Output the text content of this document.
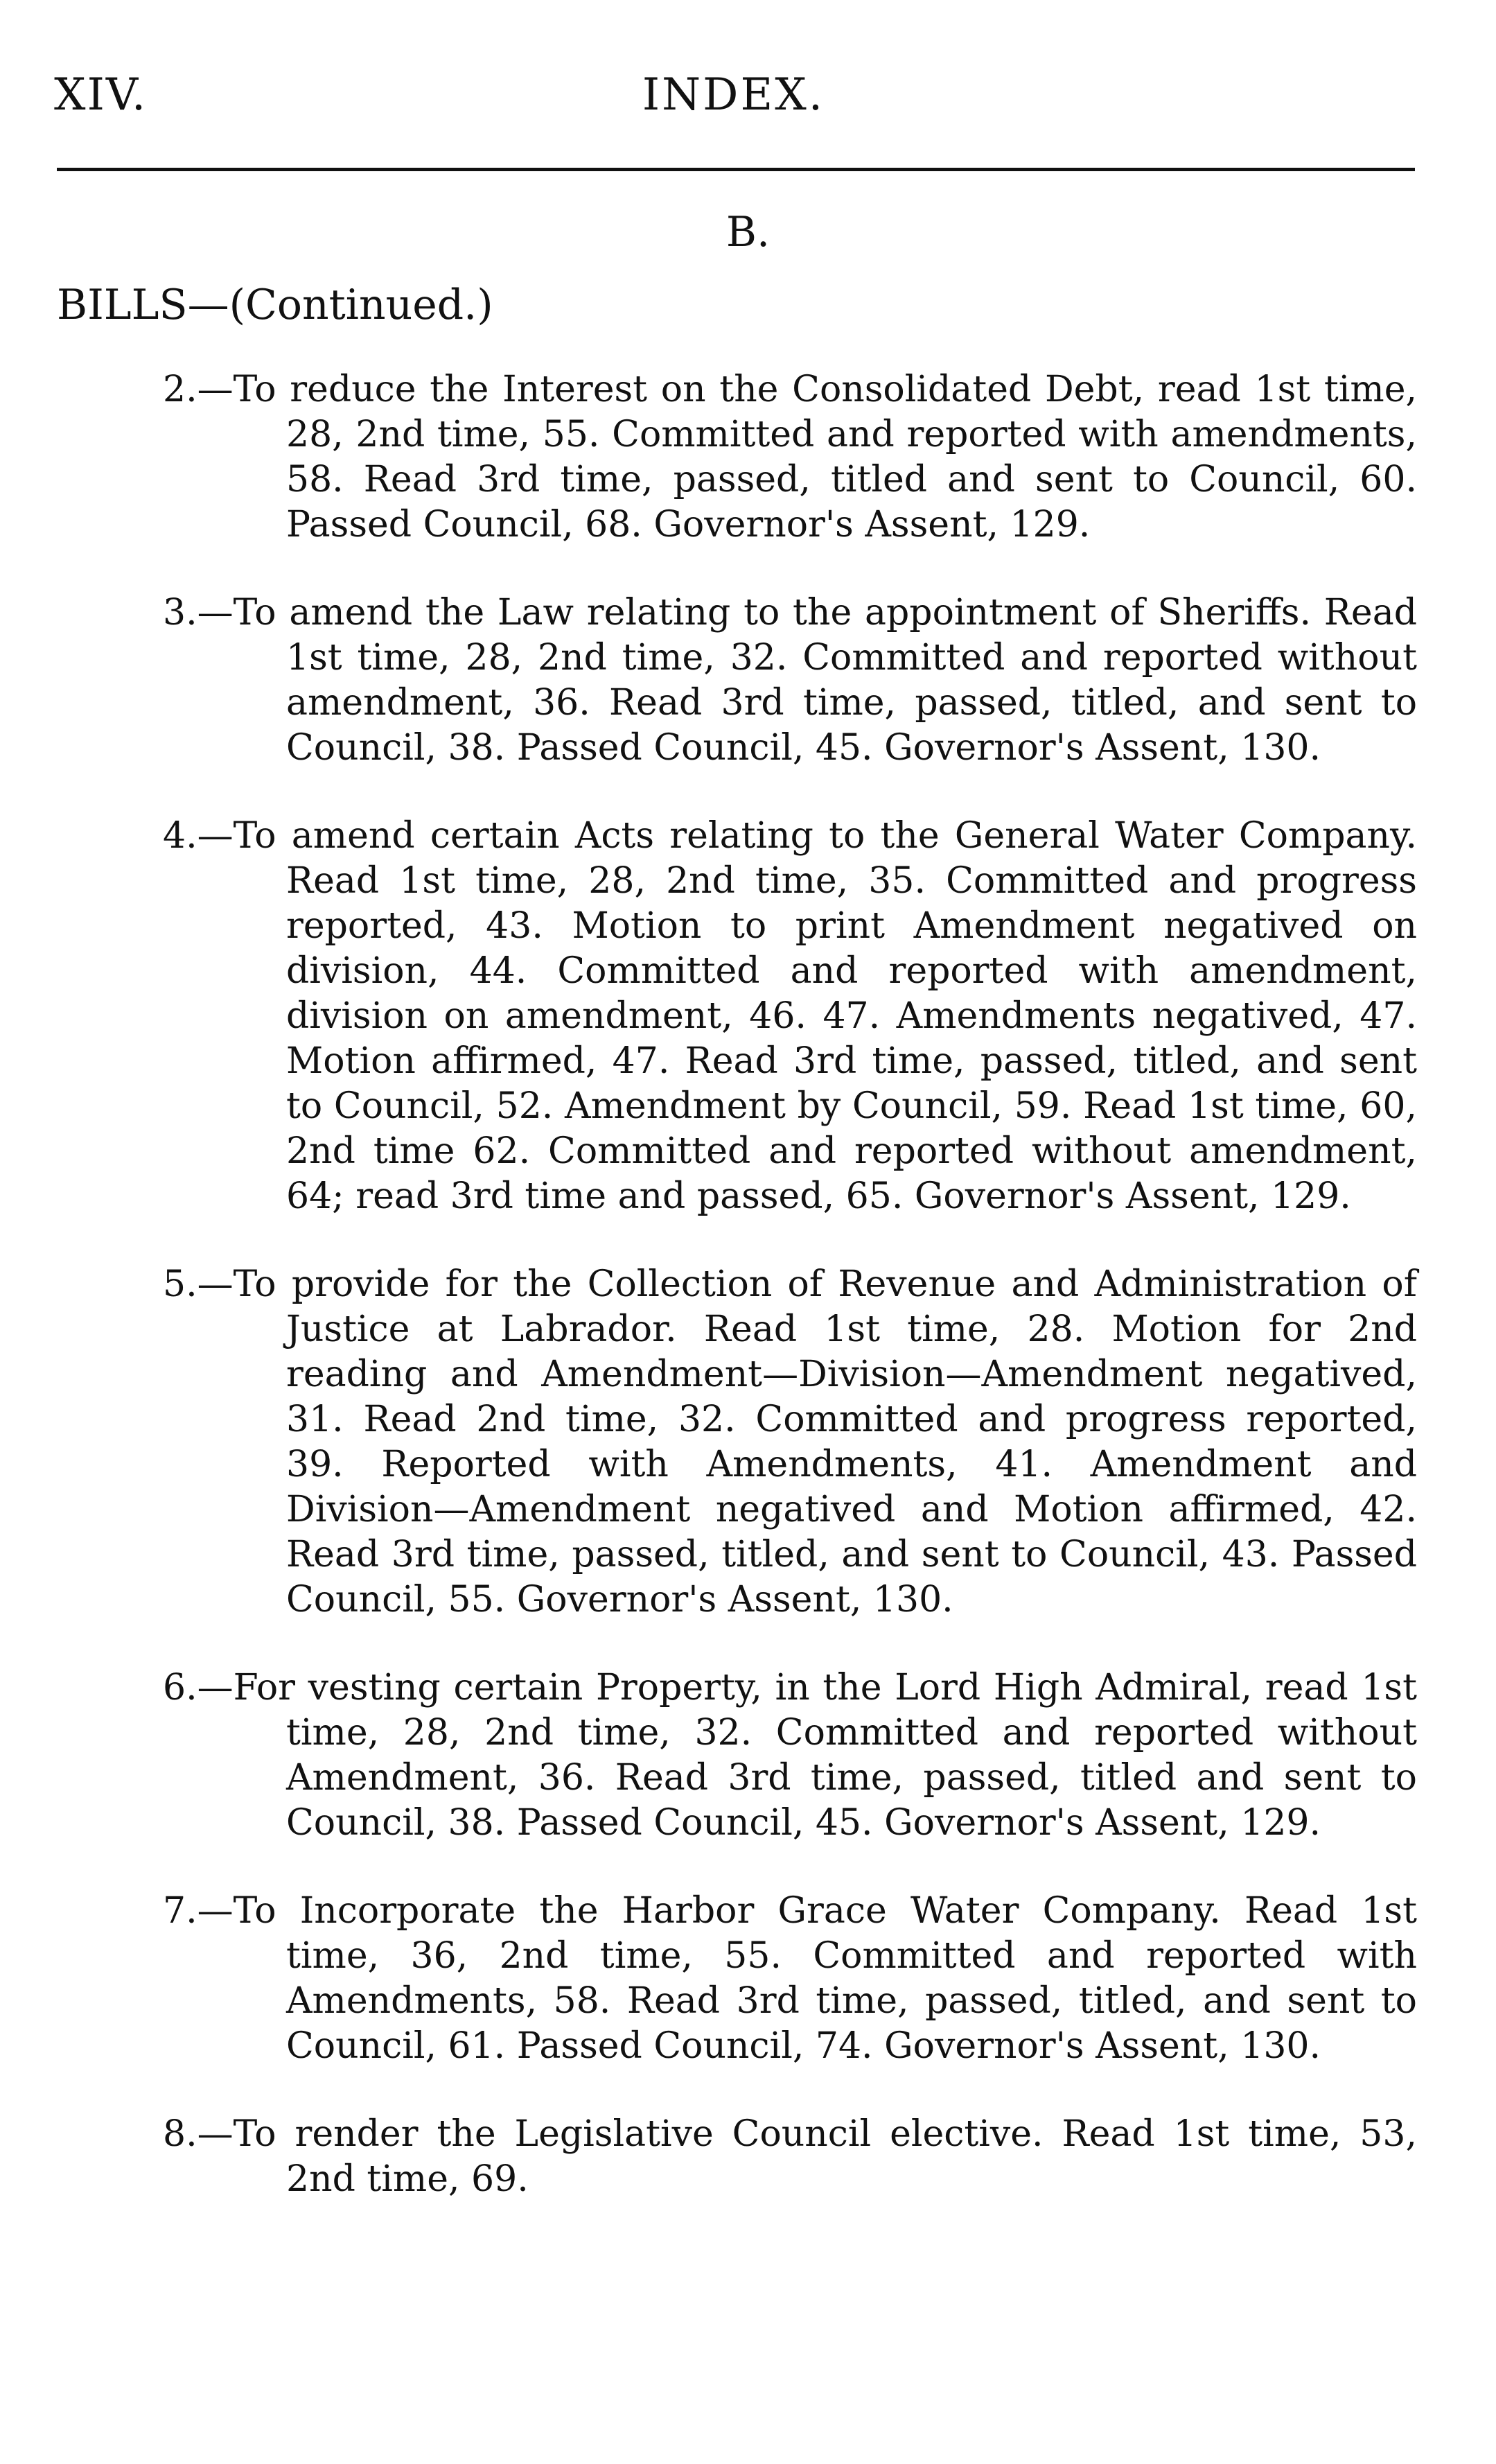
XIV.	INDEX.
B.
BILLS—(Continued.)

2.—To reduce the Interest on the Consolidated Debt, read 1st time, 28, 2nd time, 55. Committed and reported with amendments, 58. Read 3rd time, passed, titled and sent to Council, 60. Passed Council, 68. Governor's Assent, 129.

3.—To amend the Law relating to the appointment of Sheriffs. Read 1st time, 28, 2nd time, 32. Committed and reported without amendment, 36. Read 3rd time, passed, titled, and sent to Council, 38. Passed Council, 45. Governor's Assent, 130.

4.—To amend certain Acts relating to the General Water Company. Read 1st time, 28, 2nd time, 35. Committed and progress reported, 43. Motion to print Amendment negatived on division, 44. Committed and reported with amendment, division on amendment, 46. 47. Amendments negatived, 47. Motion affirmed, 47. Read 3rd time, passed, titled, and sent to Council, 52. Amendment by Council, 59. Read 1st time, 60, 2nd time 62. Committed and reported without amendment, 64; read 3rd time and passed, 65. Governor's Assent, 129.

5.—To provide for the Collection of Revenue and Administration of Justice at Labrador. Read 1st time, 28. Motion for 2nd reading and Amendment—Division—Amendment negatived, 31. Read 2nd time, 32. Committed and progress reported, 39. Reported with Amendments, 41. Amendment and Division—Amendment negatived and Motion affirmed, 42. Read 3rd time, passed, titled, and sent to Council, 43. Passed Council, 55. Governor's Assent, 130.

6.—For vesting certain Property, in the Lord High Admiral, read 1st time, 28, 2nd time, 32. Committed and reported without Amendment, 36. Read 3rd time, passed, titled and sent to Council, 38. Passed Council, 45. Governor's Assent, 129.

7.—To Incorporate the Harbor Grace Water Company. Read 1st time, 36, 2nd time, 55. Committed and reported with Amendments, 58. Read 3rd time, passed, titled, and sent to Council, 61. Passed Council, 74. Governor's Assent, 130.

8.—To render the Legislative Council elective. Read 1st time, 53, 2nd time, 69.
